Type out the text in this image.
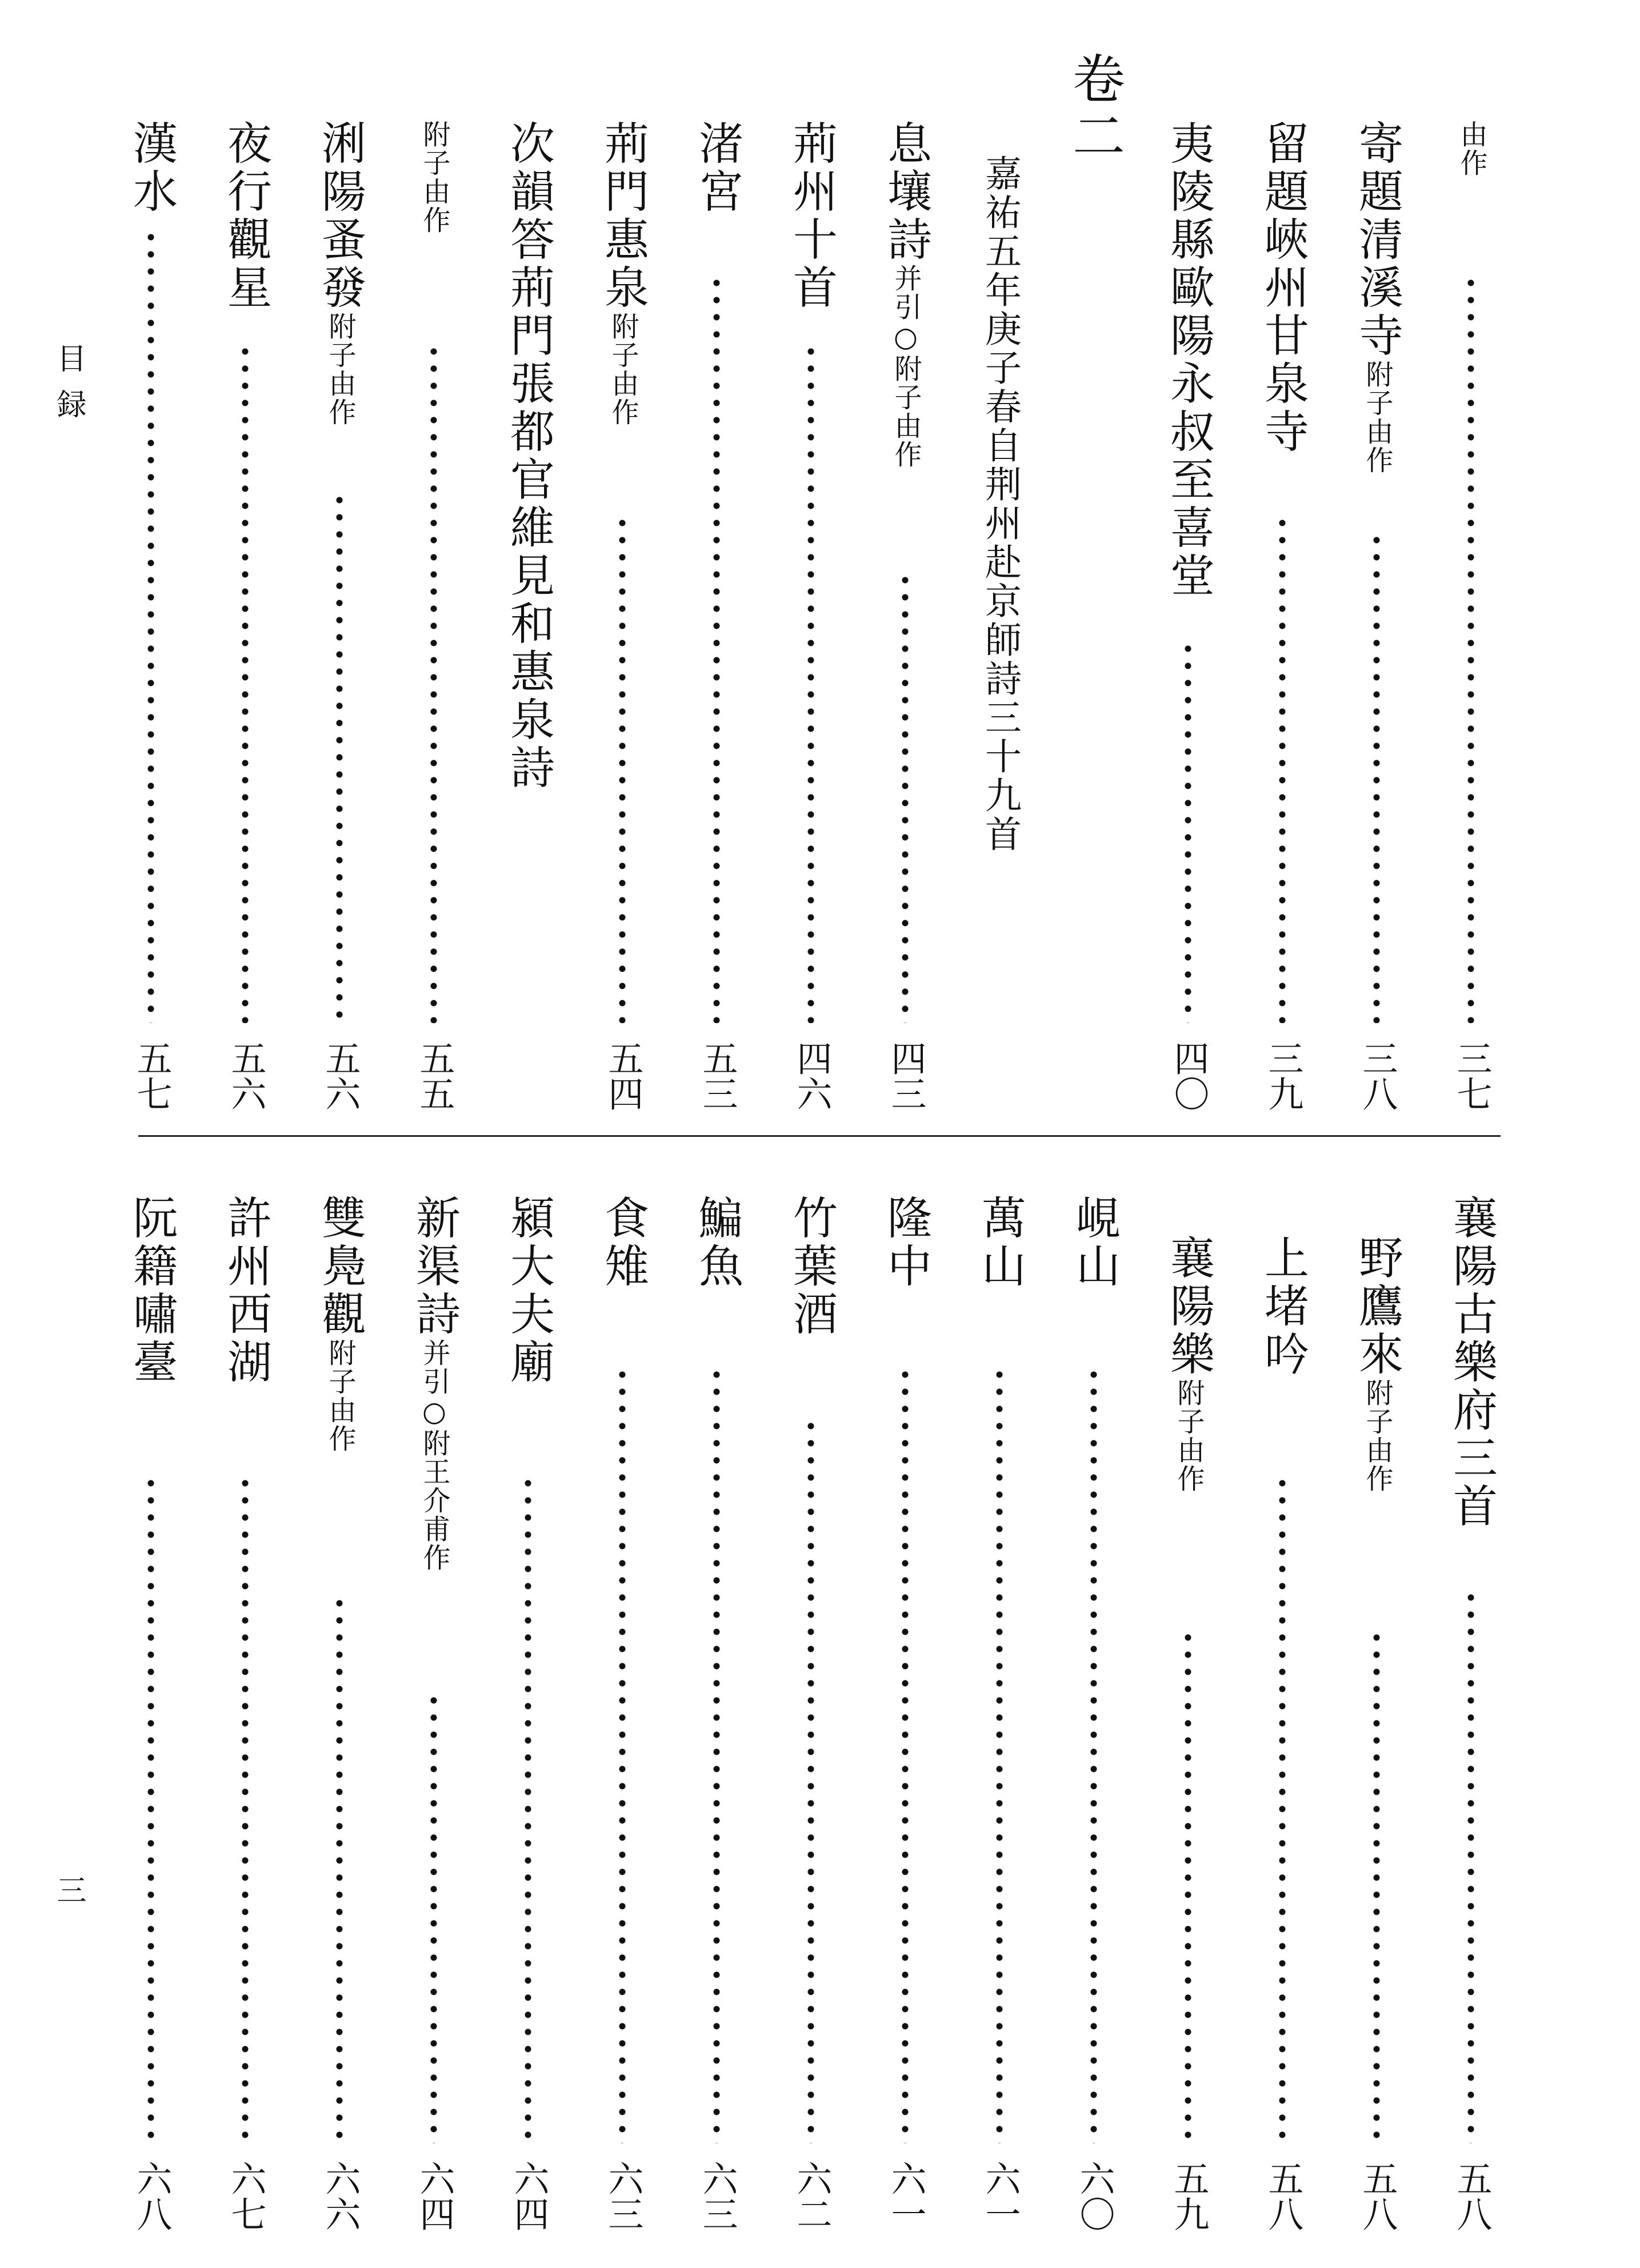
由作
三七
寄題清溪寺附子由作
三八
留題峽州甘泉寺
三九
夷陵縣歐陽永叔至喜堂
四〇
卷二
嘉祐五年庚子春自荆州赴京師詩三十九首
息壤詩并引○附子由作
四三
荊州十首
四六
渚宮
五三
荊門惠泉附子由作
五四
次韻答荊門張都官維見和惠泉詩
附子由作
五五
浰陽蚤發附子由作
五六
夜行觀星
五六
漢水
五七
襄陽古樂府三首
五八
野鷹來附子由作
五八
上堵吟
五八
襄陽樂附子由作
五九
峴山
六〇
萬山
六一
隆中
六一
竹葉酒
六二
鯿魚
六三
食雉
六三
潁大夫廟
六四
新渠詩并引○附王介甫作
六四
雙鳧觀附子由作
六六
許州西湖
六七
阮籍嘯臺
六八
目録
三
